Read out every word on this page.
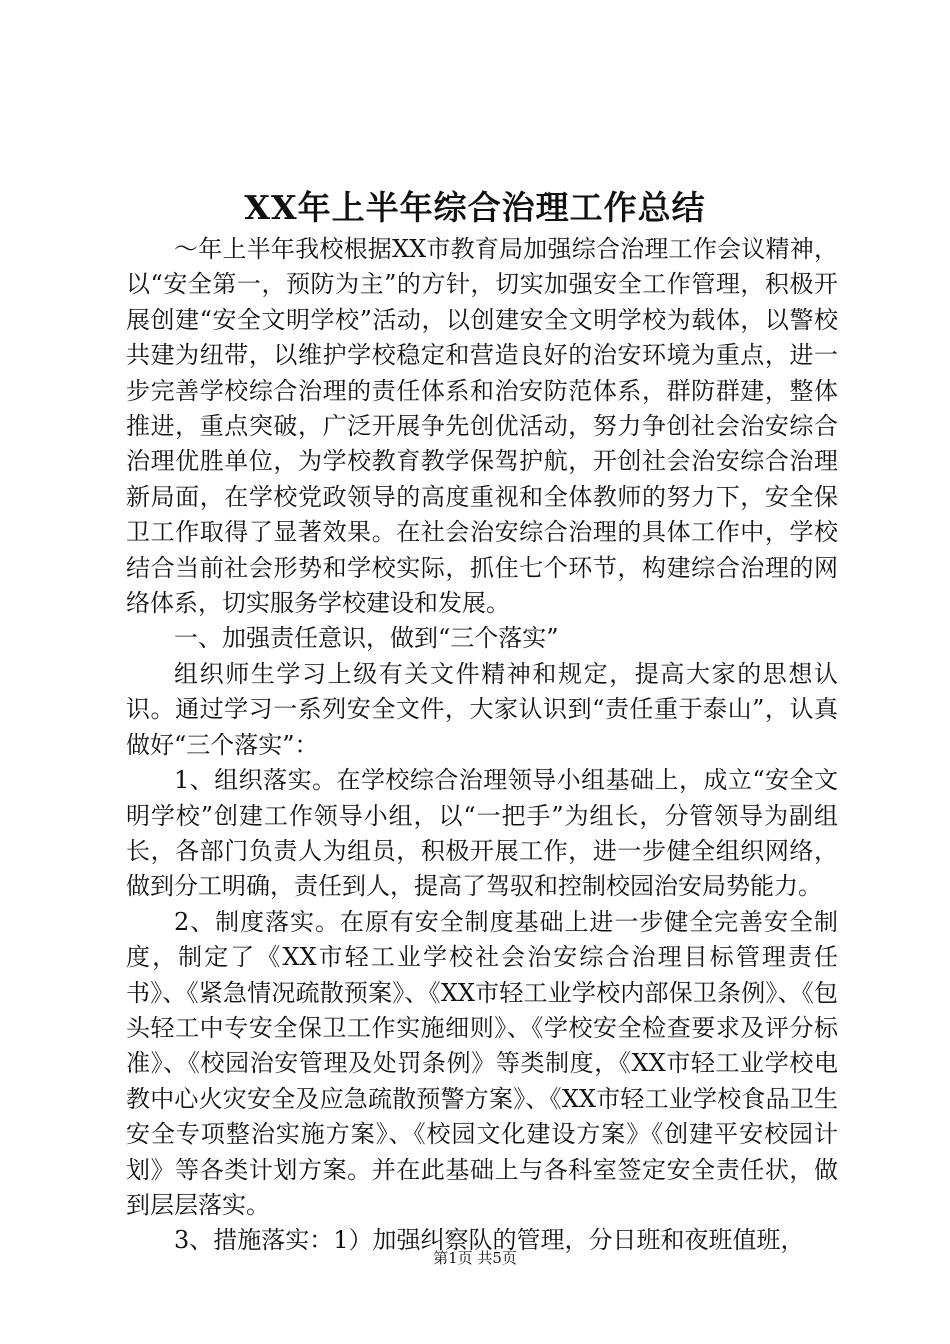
XX年上半年综合治理工作总结

～年上半年我校根据XX市教育局加强综合治理工作会议精神，以“安全第一，预防为主”的方针，切实加强安全工作管理，积极开展创建“安全文明学校”活动，以创建安全文明学校为载体，以警校共建为纽带，以维护学校稳定和营造良好的治安环境为重点，进一步完善学校综合治理的责任体系和治安防范体系，群防群建，整体推进，重点突破，广泛开展争先创优活动，努力争创社会治安综合治理优胜单位，为学校教育教学保驾护航，开创社会治安综合治理新局面，在学校党政领导的高度重视和全体教师的努力下，安全保卫工作取得了显著效果。在社会治安综合治理的具体工作中，学校结合当前社会形势和学校实际，抓住七个环节，构建综合治理的网络体系，切实服务学校建设和发展。

一、加强责任意识，做到“三个落实”

组织师生学习上级有关文件精神和规定，提高大家的思想认识。通过学习一系列安全文件，大家认识到“责任重于泰山”，认真做好“三个落实”：

1、组织落实。在学校综合治理领导小组基础上，成立“安全文明学校”创建工作领导小组，以“一把手”为组长，分管领导为副组长，各部门负责人为组员，积极开展工作，进一步健全组织网络，做到分工明确，责任到人，提高了驾驭和控制校园治安局势能力。

2、制度落实。在原有安全制度基础上进一步健全完善安全制度，制定了《XX市轻工业学校社会治安综合治理目标管理责任书》、《紧急情况疏散预案》、《XX市轻工业学校内部保卫条例》、《包头轻工中专安全保卫工作实施细则》、《学校安全检查要求及评分标准》、《校园治安管理及处罚条例》等类制度，《XX市轻工业学校电教中心火灾安全及应急疏散预警方案》、《XX市轻工业学校食品卫生安全专项整治实施方案》、《校园文化建设方案》《创建平安校园计划》等各类计划方案。并在此基础上与各科室签定安全责任状，做到层层落实。

3、措施落实：1）加强纠察队的管理，分日班和夜班值班，

第1页 共5页
